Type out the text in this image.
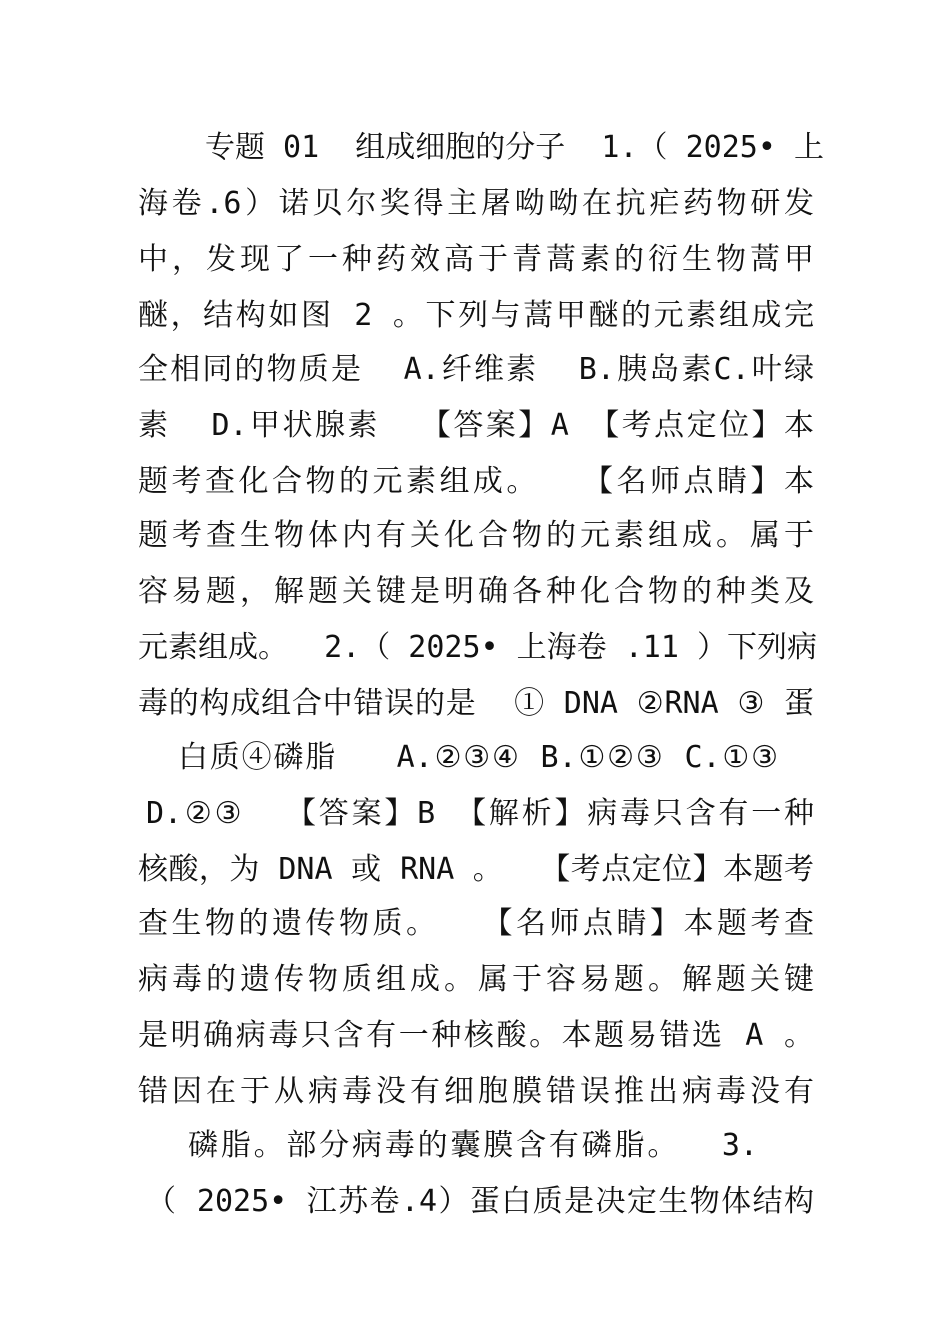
专题 01  组成细胞的分子  1.（ 2025• 上
海卷.6）诺贝尔奖得主屠呦呦在抗疟药物研发
中，发现了一种药效高于青蒿素的衍生物蒿甲
醚，结构如图 2 。下列与蒿甲醚的元素组成完
全相同的物质是  A.纤维素  B.胰岛素C.叶绿
素  D.甲状腺素  【答案】A 【考点定位】本
题考查化合物的元素组成。  【名师点睛】本
题考查生物体内有关化合物的元素组成。属于
容易题，解题关键是明确各种化合物的种类及
元素组成。  2.（ 2025• 上海卷 .11 ）下列病
毒的构成组合中错误的是  ① DNA ②RNA ③ 蛋
白质④磷脂   A.②③④ B.①②③ C.①③
D.②③  【答案】B 【解析】病毒只含有一种
核酸，为 DNA 或 RNA 。  【考点定位】本题考
查生物的遗传物质。  【名师点睛】本题考查
病毒的遗传物质组成。属于容易题。解题关键
是明确病毒只含有一种核酸。本题易错选 A 。
错因在于从病毒没有细胞膜错误推出病毒没有
磷脂。部分病毒的囊膜含有磷脂。  3.
（ 2025• 江苏卷.4）蛋白质是决定生物体结构
